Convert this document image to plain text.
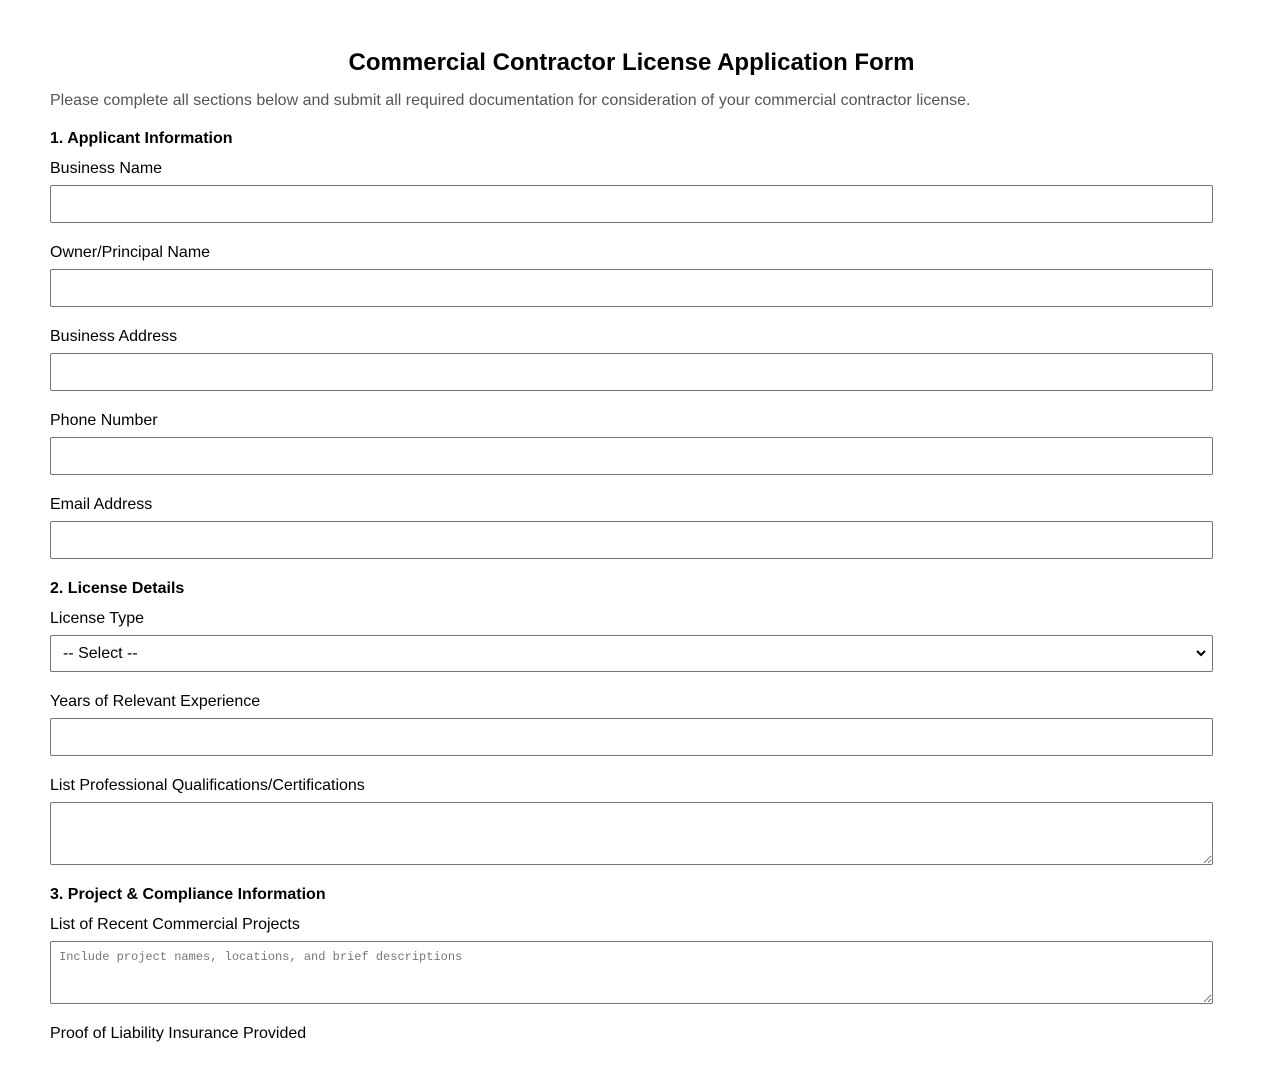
Commercial Contractor License Application Form

Please complete all sections below and submit all required documentation for consideration of your commercial contractor license.

1. Applicant Information
Business Name
Owner/Principal Name
Business Address
Phone Number
Email Address
2. License Details
License Type
-- Select --
Years of Relevant Experience
List Professional Qualifications/Certifications
3. Project & Compliance Information
List of Recent Commercial Projects
Include project names, locations, and brief descriptions
Proof of Liability Insurance Provided
